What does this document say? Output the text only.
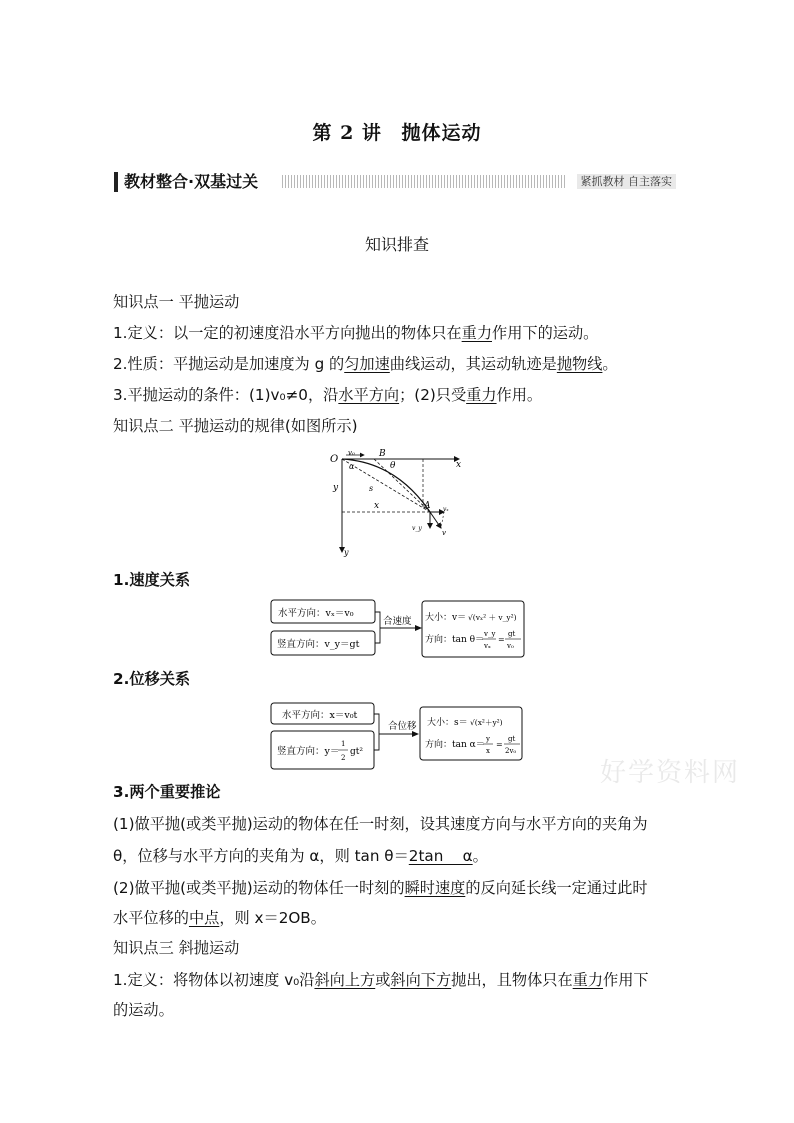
第 2 讲 抛体运动
教材整合·双基过关	紧抓教材 自主落实
知识排查
知识点一 平抛运动
1.定义：以一定的初速度沿水平方向抛出的物体只在重力作用下的运动。
2.性质：平抛运动是加速度为 g 的匀加速曲线运动，其运动轨迹是抛物线。
3.平抛运动的条件：(1)v₀≠0，沿水平方向；(2)只受重力作用。
知识点二 平抛运动的规律(如图所示)
O	B
x
v₀
θ
α
s
y
x	A vₓ
v_y
v
y
1.速度关系
水平方向：vₓ＝v₀
竖直方向：v_y＝gt
合速度 大小：v＝ √(vₓ² ＋ v_y²)
方向：tan θ＝
v_y
vₓ
=
gt
v₀
2.位移关系
水平方向：x＝v₀t
竖直方向：y＝
1
2
gt²
合位移 大小：s＝ √(x²＋y²)
方向：tan α＝
y
x
=
gt
2v₀
好学资料网
3.两个重要推论
(1)做平抛(或类平抛)运动的物体在任一时刻，设其速度方向与水平方向的夹角为
θ，位移与水平方向的夹角为 α，则 tan θ＝2tan    α。
(2)做平抛(或类平抛)运动的物体任一时刻的瞬时速度的反向延长线一定通过此时
水平位移的中点，则 x＝2OB。
知识点三 斜抛运动
1.定义：将物体以初速度 v₀沿斜向上方或斜向下方抛出，且物体只在重力作用下
的运动。
